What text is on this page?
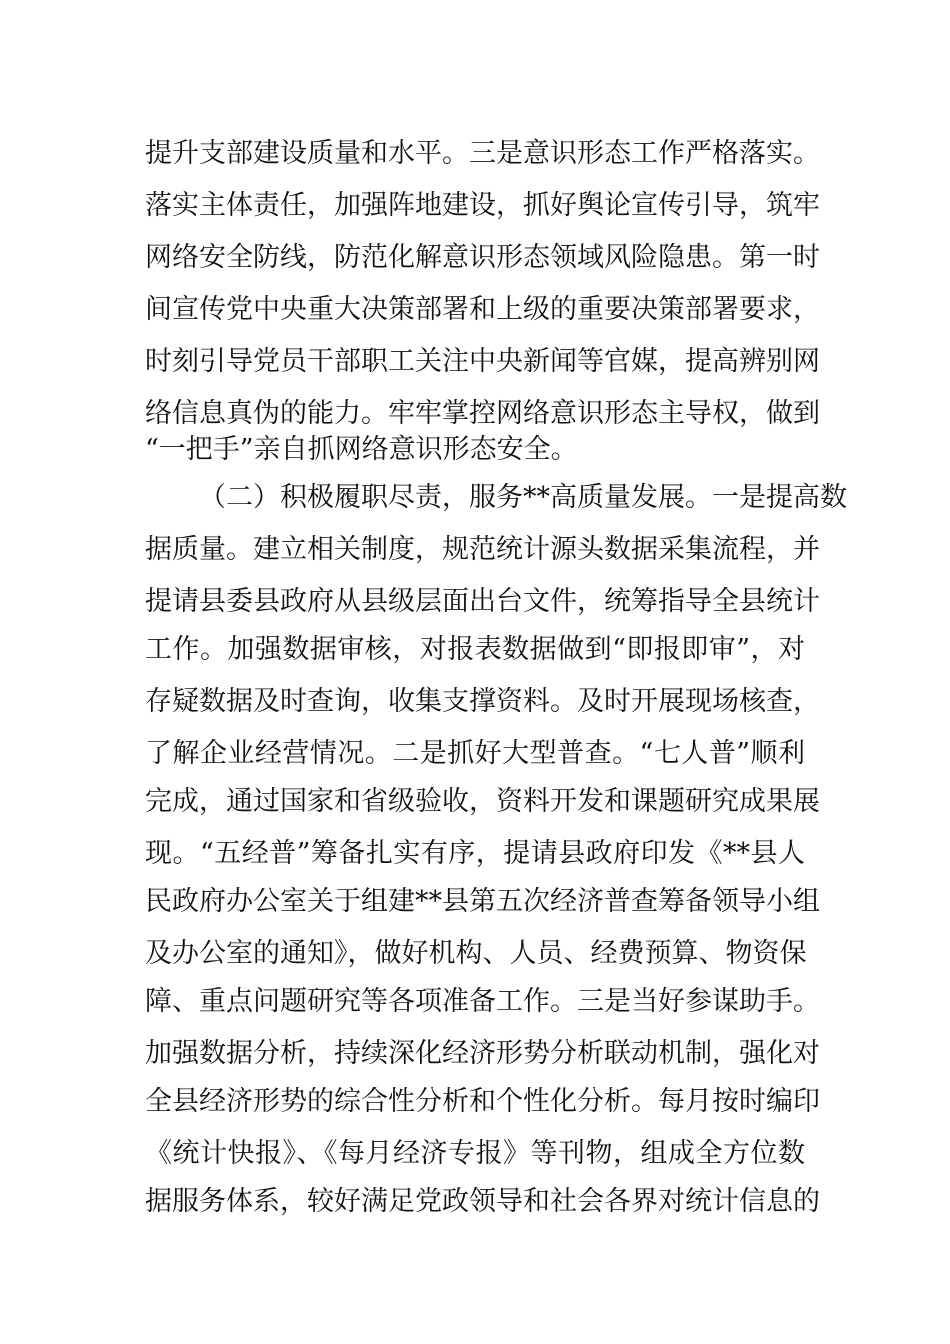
提升支部建设质量和水平。三是意识形态工作严格落实。
落实主体责任，加强阵地建设，抓好舆论宣传引导，筑牢
网络安全防线，防范化解意识形态领域风险隐患。第一时
间宣传党中央重大决策部署和上级的重要决策部署要求，
时刻引导党员干部职工关注中央新闻等官媒，提高辨别网
络信息真伪的能力。牢牢掌控网络意识形态主导权，做到
“一把手”亲自抓网络意识形态安全。
（二）积极履职尽责，服务**高质量发展。一是提高数
据质量。建立相关制度，规范统计源头数据采集流程，并
提请县委县政府从县级层面出台文件，统筹指导全县统计
工作。加强数据审核，对报表数据做到“即报即审”，对
存疑数据及时查询，收集支撑资料。及时开展现场核查，
了解企业经营情况。二是抓好大型普查。“七人普”顺利
完成，通过国家和省级验收，资料开发和课题研究成果展
现。“五经普”筹备扎实有序，提请县政府印发《**县人
民政府办公室关于组建**县第五次经济普查筹备领导小组
及办公室的通知》，做好机构、人员、经费预算、物资保
障、重点问题研究等各项准备工作。三是当好参谋助手。
加强数据分析，持续深化经济形势分析联动机制，强化对
全县经济形势的综合性分析和个性化分析。每月按时编印
《统计快报》、《每月经济专报》等刊物，组成全方位数
据服务体系，较好满足党政领导和社会各界对统计信息的
